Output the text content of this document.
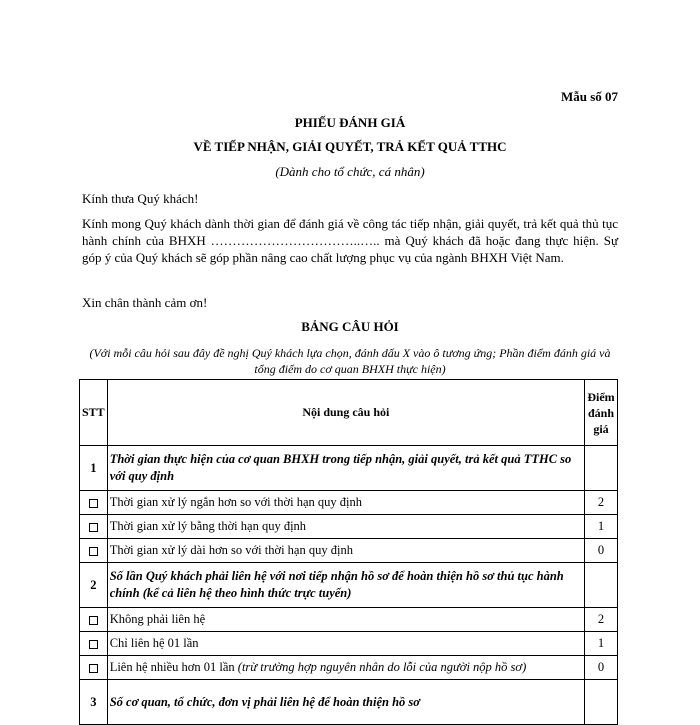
Mẫu số 07
PHIẾU ĐÁNH GIÁ
VỀ TIẾP NHẬN, GIẢI QUYẾT, TRẢ KẾT QUẢ TTHC
(Dành cho tổ chức, cá nhân)
Kính thưa Quý khách!
Kính mong Quý khách dành thời gian để đánh giá về công tác tiếp nhận, giải quyết, trả kết quả thủ tục hành chính của BHXH ……………………………..….. mà Quý khách đã hoặc đang thực hiện. Sự góp ý của Quý khách sẽ góp phần nâng cao chất lượng phục vụ của ngành BHXH Việt Nam.
Xin chân thành cảm ơn!
BẢNG CÂU HỎI
(Với mỗi câu hỏi sau đây đề nghị Quý khách lựa chọn, đánh dấu X vào ô tương ứng; Phần điểm đánh giá và tổng điểm do cơ quan BHXH thực hiện)
STT	Nội dung câu hỏi	Điểm
đánh
giá

1	Thời gian thực hiện của cơ quan BHXH trong tiếp nhận, giải quyết, trả kết quả TTHC so với quy định	
	Thời gian xử lý ngắn hơn so với thời hạn quy định	2
	Thời gian xử lý bằng thời hạn quy định	1
	Thời gian xử lý dài hơn so với thời hạn quy định	0
2	Số lần Quý khách phải liên hệ với nơi tiếp nhận hồ sơ để hoàn thiện hồ sơ thủ tục hành chính (kể cả liên hệ theo hình thức trực tuyến)	
	Không phải liên hệ	2
	Chỉ liên hệ 01 lần	1
	Liên hệ nhiều hơn 01 lần (trừ trường hợp nguyên nhân do lỗi của người nộp hồ sơ)	0
3	Số cơ quan, tổ chức, đơn vị phải liên hệ để hoàn thiện hồ sơ	
